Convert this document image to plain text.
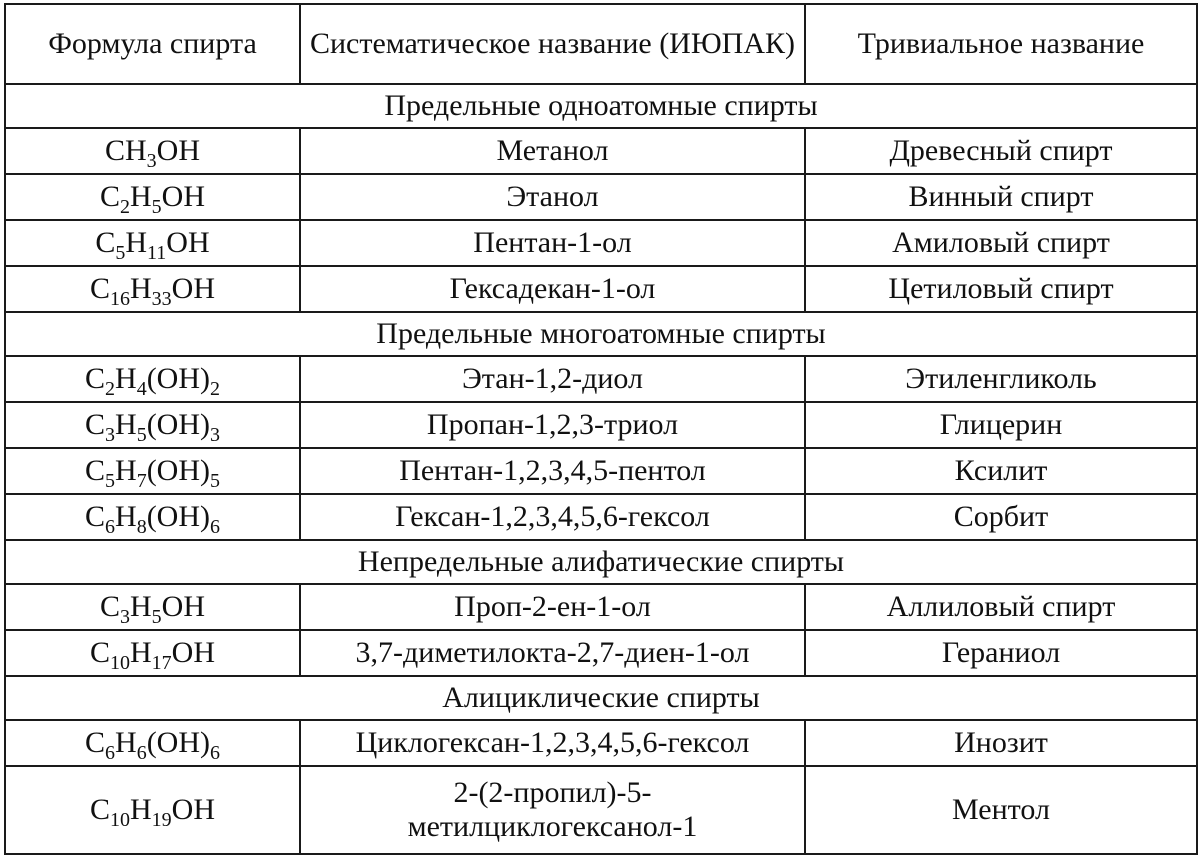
Формула спирта	Систематическое название (ИЮПАК)	Тривиальное название
Предельные одноатомные спирты		
$CH_3OH$	Метанол	Древесный спирт
$C_2H_5OH$	Этанол	Винный спирт
$C_5H_{11}OH$	Пентан-1-ол	Амиловый спирт
$C_{16}H_{33}OH$	Гексадекан-1-ол	Цетиловый спирт
Предельные многоатомные спирты		
$C_2H_4(OH)_2$	Этан-1,2-диол	Этиленгликоль
$C_3H_5(OH)_3$	Пропан-1,2,3-триол	Глицерин
$C_5H_7(OH)_5$	Пентан-1,2,3,4,5-пентол	Ксилит
$C_6H_8(OH)_6$	Гексан-1,2,3,4,5,6-гексол	Сорбит
Непредельные алифатические спирты		
$C_3H_5OH$	Проп-2-ен-1-ол	Аллиловый спирт
$C_{10}H_{17}OH$	3,7-диметилокта-2,7-диен-1-ол	Гераниол
Алициклические спирты		
$C_6H_6(OH)_6$	Циклогексан-1,2,3,4,5,6-гексол	Инозит
$C_{10}H_{19}OH$	2-(2-пропил)-5-
метилциклогексанол-1	Ментол
